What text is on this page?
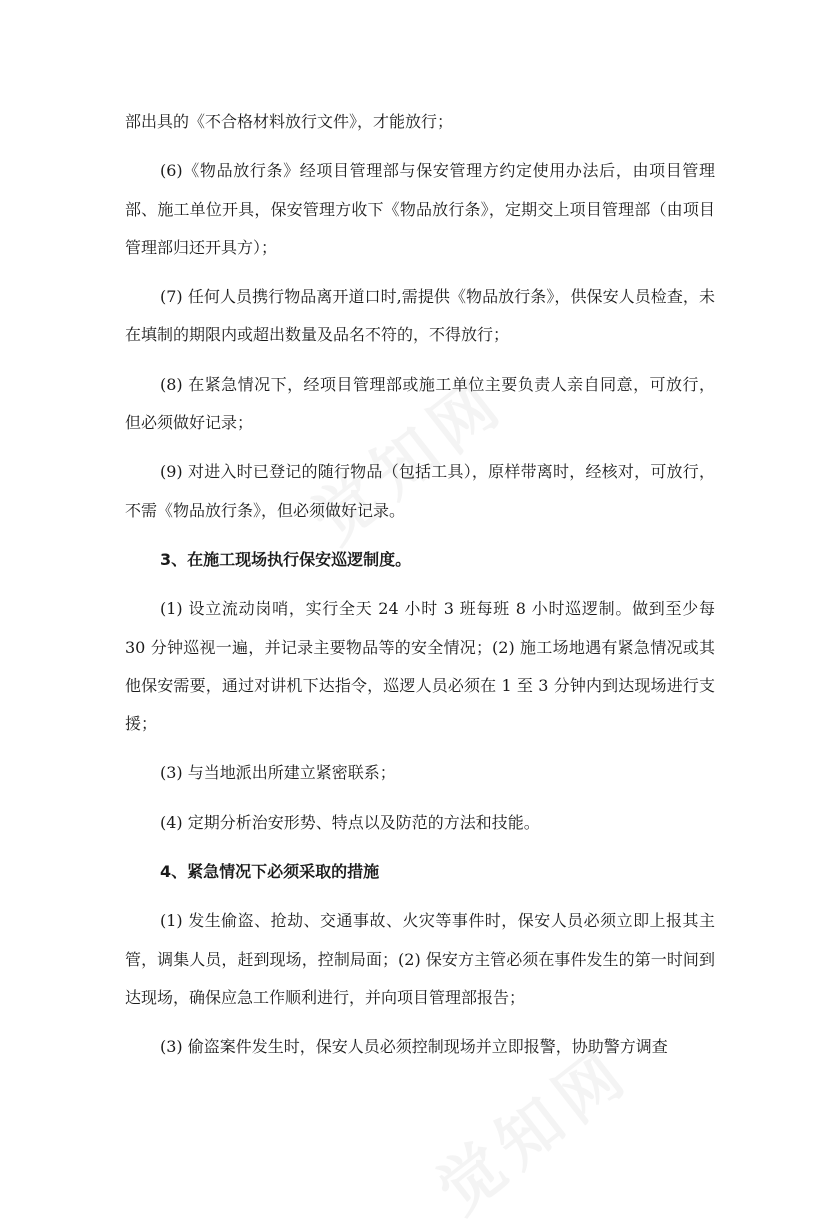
部出具的《不合格材料放行文件》，才能放行；

(6)《物品放行条》经项目管理部与保安管理方约定使用办法后，由项目管理部、施工单位开具，保安管理方收下《物品放行条》，定期交上项目管理部（由项目管理部归还开具方）；

(7) 任何人员携行物品离开道口时,需提供《物品放行条》，供保安人员检查，未在填制的期限内或超出数量及品名不符的，不得放行；

(8) 在紧急情况下，经项目管理部或施工单位主要负责人亲自同意，可放行，但必须做好记录；

(9) 对进入时已登记的随行物品（包括工具），原样带离时，经核对，可放行，不需《物品放行条》，但必须做好记录。

3、在施工现场执行保安巡逻制度。

(1) 设立流动岗哨，实行全天 24 小时 3 班每班 8 小时巡逻制。做到至少每 30 分钟巡视一遍，并记录主要物品等的安全情况；(2) 施工场地遇有紧急情况或其他保安需要，通过对讲机下达指令，巡逻人员必须在 1 至 3 分钟内到达现场进行支援；

(3) 与当地派出所建立紧密联系；

(4) 定期分析治安形势、特点以及防范的方法和技能。

4、紧急情况下必须采取的措施

(1) 发生偷盗、抢劫、交通事故、火灾等事件时，保安人员必须立即上报其主管，调集人员，赶到现场，控制局面；(2) 保安方主管必须在事件发生的第一时间到达现场，确保应急工作顺利进行，并向项目管理部报告；

(3) 偷盗案件发生时，保安人员必须控制现场并立即报警，协助警方调查
